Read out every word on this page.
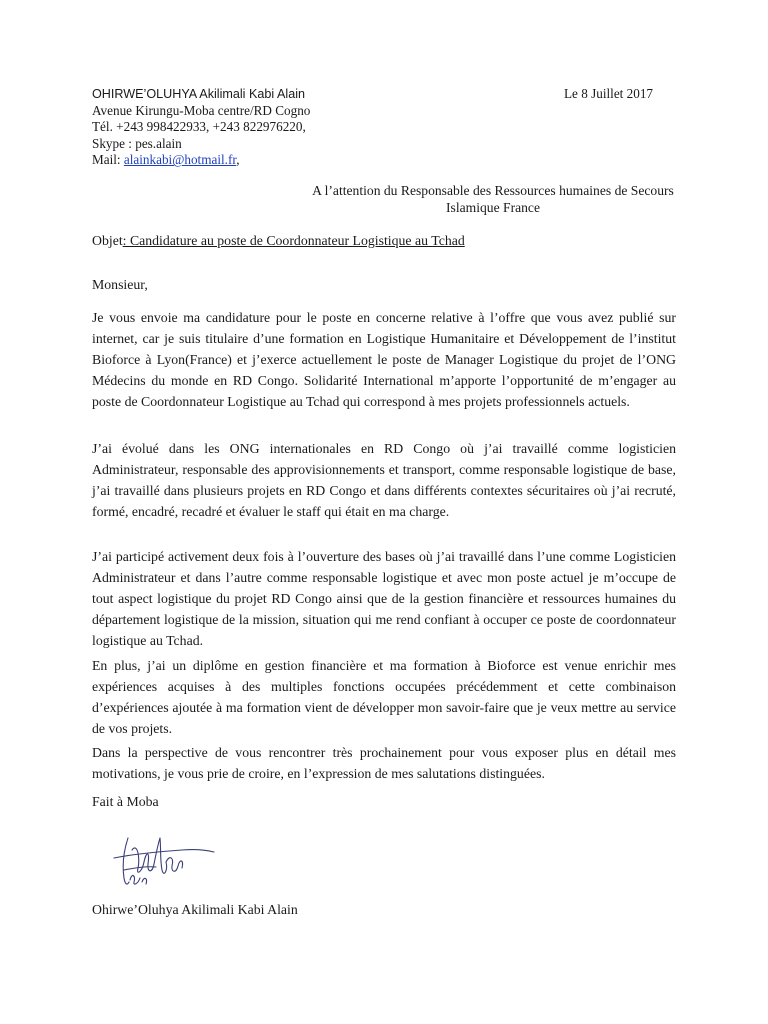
OHIRWE’OLUHYA Akilimali Kabi Alain
Avenue Kirungu-Moba centre/RD Cogno
Tél. +243 998422933, +243 822976220,
Skype : pes.alain
Mail: alainkabi@hotmail.fr,
Le 8 Juillet 2017
A l’attention du Responsable des Ressources humaines de Secours Islamique France
Objet: Candidature au poste de Coordonnateur Logistique au Tchad
Monsieur,
Je vous envoie ma candidature pour le poste en concerne relative à l’offre que vous avez publié sur internet, car je suis titulaire d’une formation en Logistique Humanitaire et Développement de l’institut Bioforce à Lyon(France) et j’exerce actuellement le poste de Manager Logistique du projet de l’ONG Médecins du monde en RD Congo. Solidarité International m’apporte l’opportunité de m’engager au poste de Coordonnateur Logistique au Tchad qui correspond à mes projets professionnels actuels.
J’ai évolué dans les ONG internationales en RD Congo où j’ai travaillé comme logisticien Administrateur, responsable des approvisionnements et transport, comme responsable logistique de base, j’ai travaillé dans plusieurs projets en RD Congo et dans différents contextes sécuritaires où j’ai recruté, formé, encadré, recadré et évaluer le staff qui était en ma charge.
J’ai participé activement deux fois à l’ouverture des bases où j’ai travaillé dans l’une comme Logisticien Administrateur et dans l’autre comme responsable logistique et avec mon poste actuel je m’occupe de tout aspect logistique du projet RD Congo ainsi que de la gestion financière et ressources humaines du département logistique de la mission, situation qui me rend confiant à occuper ce poste de coordonnateur logistique au Tchad.
En plus, j’ai un diplôme en gestion financière et ma formation à Bioforce est venue enrichir mes expériences acquises à des multiples fonctions occupées précédemment et cette combinaison d’expériences ajoutée à ma formation vient de développer mon savoir-faire que je veux mettre au service de vos projets.
Dans la perspective de vous rencontrer très prochainement pour vous exposer plus en détail mes motivations, je vous prie de croire, en l’expression de mes salutations distinguées.
Fait à Moba
Ohirwe’Oluhya Akilimali Kabi Alain
